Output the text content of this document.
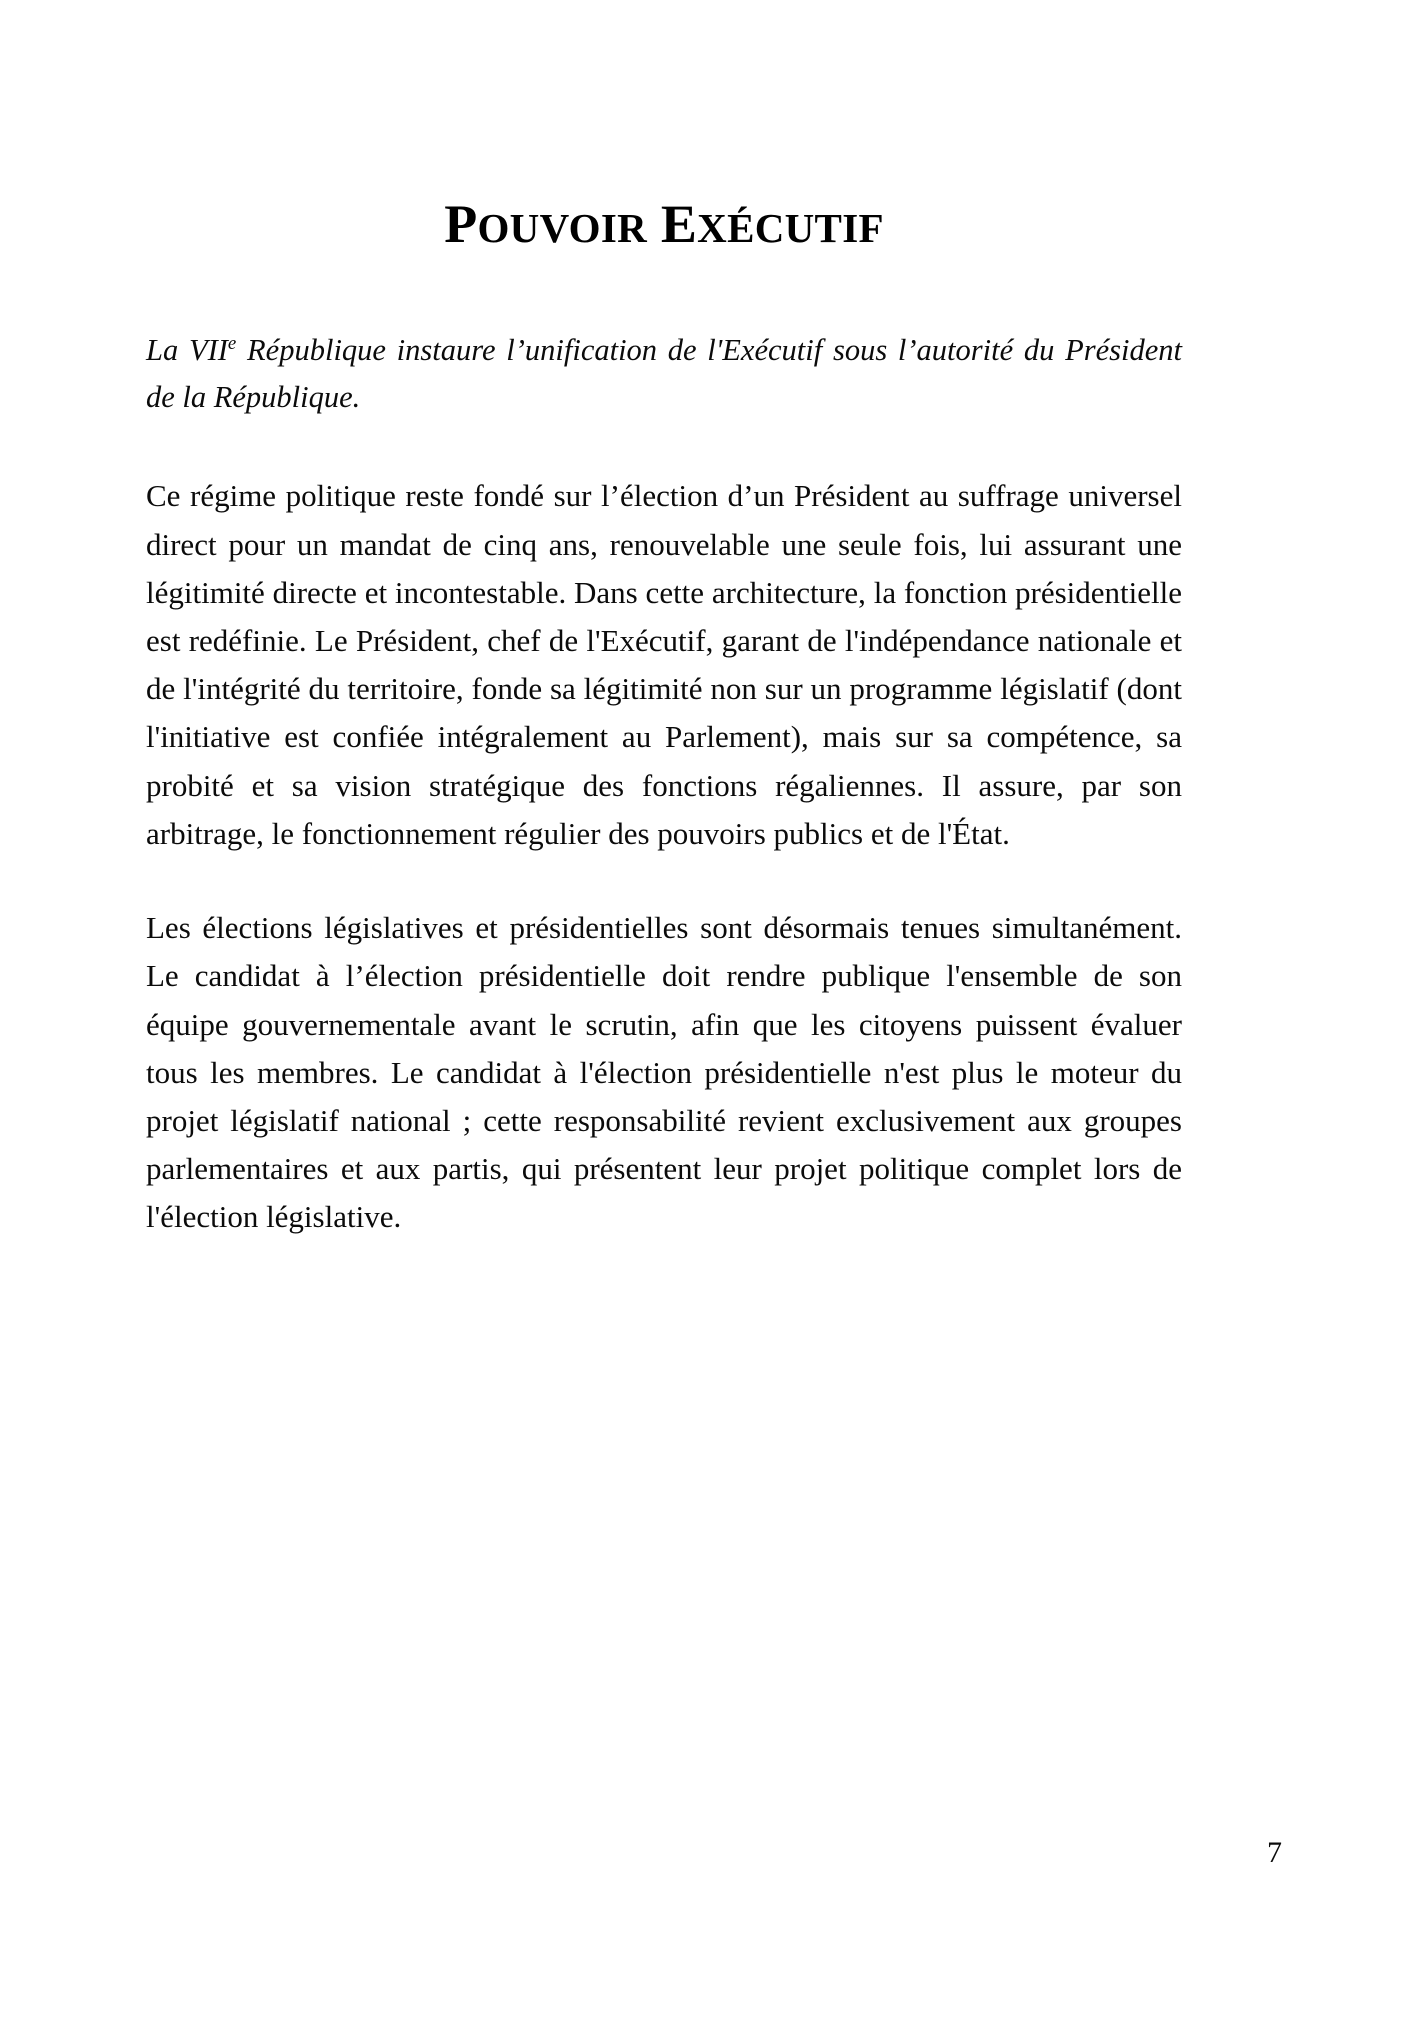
POUVOIR EXÉCUTIF

La VIIe République instaure l’unification de l'Exécutif sous l’autorité du Président de la République.

Ce régime politique reste fondé sur l’élection d’un Président au suffrage universel direct pour un mandat de cinq ans, renouvelable une seule fois, lui assurant une légitimité directe et incontestable. Dans cette architecture, la fonction présidentielle est redéfinie. Le Président, chef de l'Exécutif, garant de l'indépendance nationale et de l'intégrité du territoire, fonde sa légitimité non sur un programme législatif (dont l'initiative est confiée intégralement au Parlement), mais sur sa compétence, sa probité et sa vision stratégique des fonctions régaliennes. Il assure, par son arbitrage, le fonctionnement régulier des pouvoirs publics et de l'État.

Les élections législatives et présidentielles sont désormais tenues simultanément. Le candidat à l’élection présidentielle doit rendre publique l'ensemble de son équipe gouvernementale avant le scrutin, afin que les citoyens puissent évaluer tous les membres. Le candidat à l'élection présidentielle n'est plus le moteur du projet législatif national ; cette responsabilité revient exclusivement aux groupes parlementaires et aux partis, qui présentent leur projet politique complet lors de l'élection législative.

7
